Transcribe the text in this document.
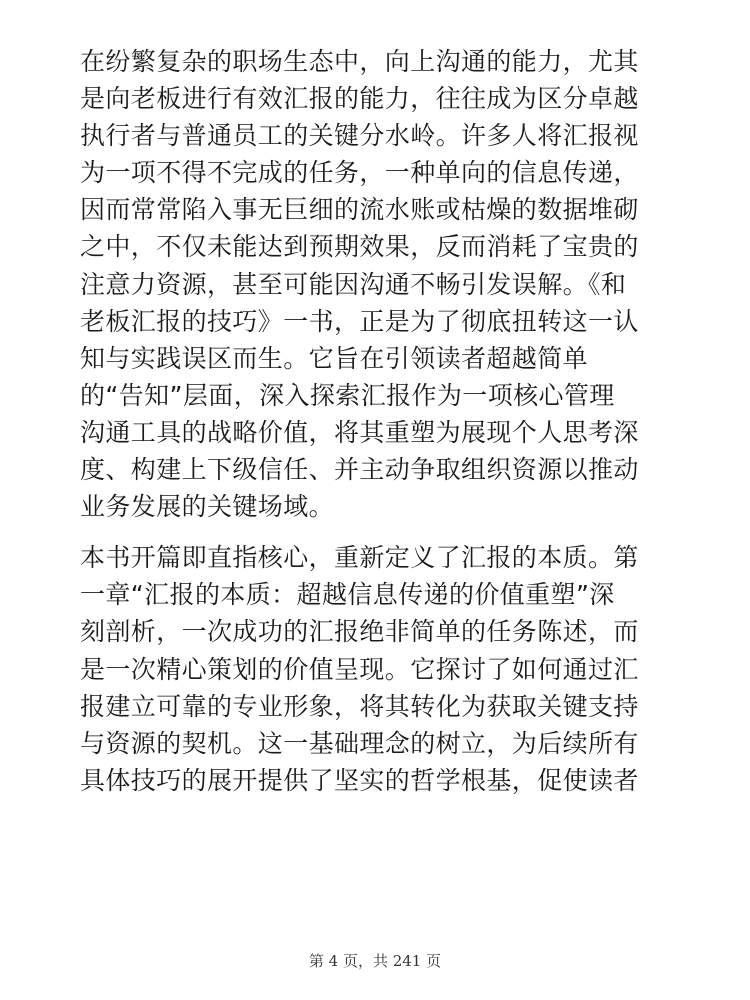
在纷繁复杂的职场生态中，向上沟通的能力，尤其
是向老板进行有效汇报的能力，往往成为区分卓越
执行者与普通员工的关键分水岭。许多人将汇报视
为一项不得不完成的任务，一种单向的信息传递，
因而常常陷入事无巨细的流水账或枯燥的数据堆砌
之中，不仅未能达到预期效果，反而消耗了宝贵的
注意力资源，甚至可能因沟通不畅引发误解。《和
老板汇报的技巧》一书，正是为了彻底扭转这一认
知与实践误区而生。它旨在引领读者超越简单
的“告知”层面，深入探索汇报作为一项核心管理
沟通工具的战略价值，将其重塑为展现个人思考深
度、构建上下级信任、并主动争取组织资源以推动
业务发展的关键场域。
本书开篇即直指核心，重新定义了汇报的本质。第
一章“汇报的本质：超越信息传递的价值重塑”深
刻剖析，一次成功的汇报绝非简单的任务陈述，而
是一次精心策划的价值呈现。它探讨了如何通过汇
报建立可靠的专业形象，将其转化为获取关键支持
与资源的契机。这一基础理念的树立，为后续所有
具体技巧的展开提供了坚实的哲学根基，促使读者
第 4 页，共 241 页
